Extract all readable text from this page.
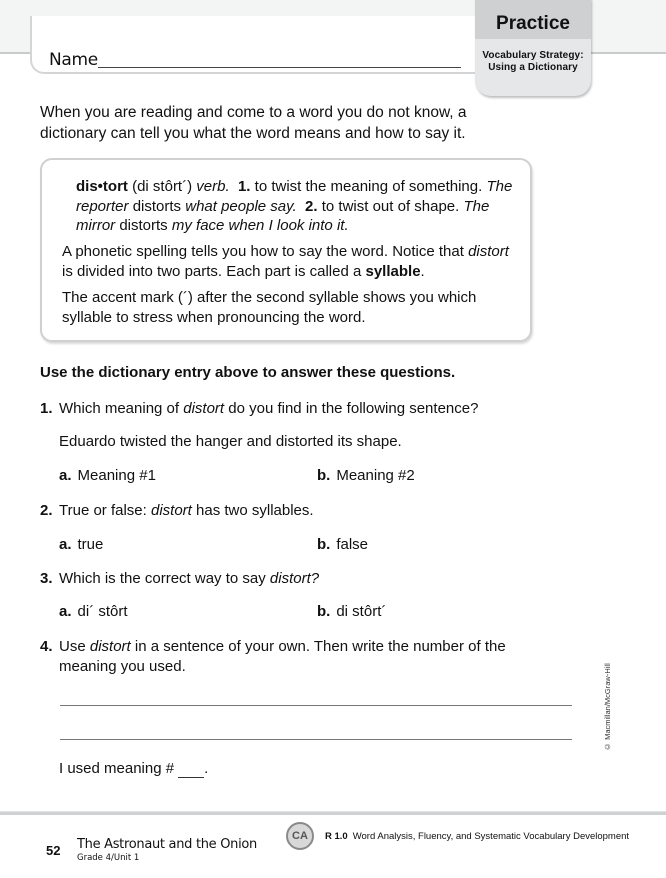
Name
Practice
Vocabulary Strategy:
Using a Dictionary
When you are reading and come to a word you do not know, a dictionary can tell you what the word means and how to say it.
dis•tort (di stôrt´) verb. 1. to twist the meaning of something. The reporter distorts what people say. 2. to twist out of shape. The mirror distorts my face when I look into it.
A phonetic spelling tells you how to say the word. Notice that distort is divided into two parts. Each part is called a syllable.
The accent mark (´) after the second syllable shows you which syllable to stress when pronouncing the word.
Use the dictionary entry above to answer these questions.
1. Which meaning of distort do you find in the following sentence?
Eduardo twisted the hanger and distorted its shape.
a. Meaning #1	b. Meaning #2
2. True or false: distort has two syllables.
a. true	b. false
3. Which is the correct way to say distort?
a. di´ stôrt	b. di stôrt´
4. Use distort in a sentence of your own. Then write the number of the meaning you used.
I used meaning # .
© Macmillan/McGraw-Hill
52 The Astronaut and the Onion
Grade 4/Unit 1
CA	R 1.0 Word Analysis, Fluency, and Systematic Vocabulary Development
